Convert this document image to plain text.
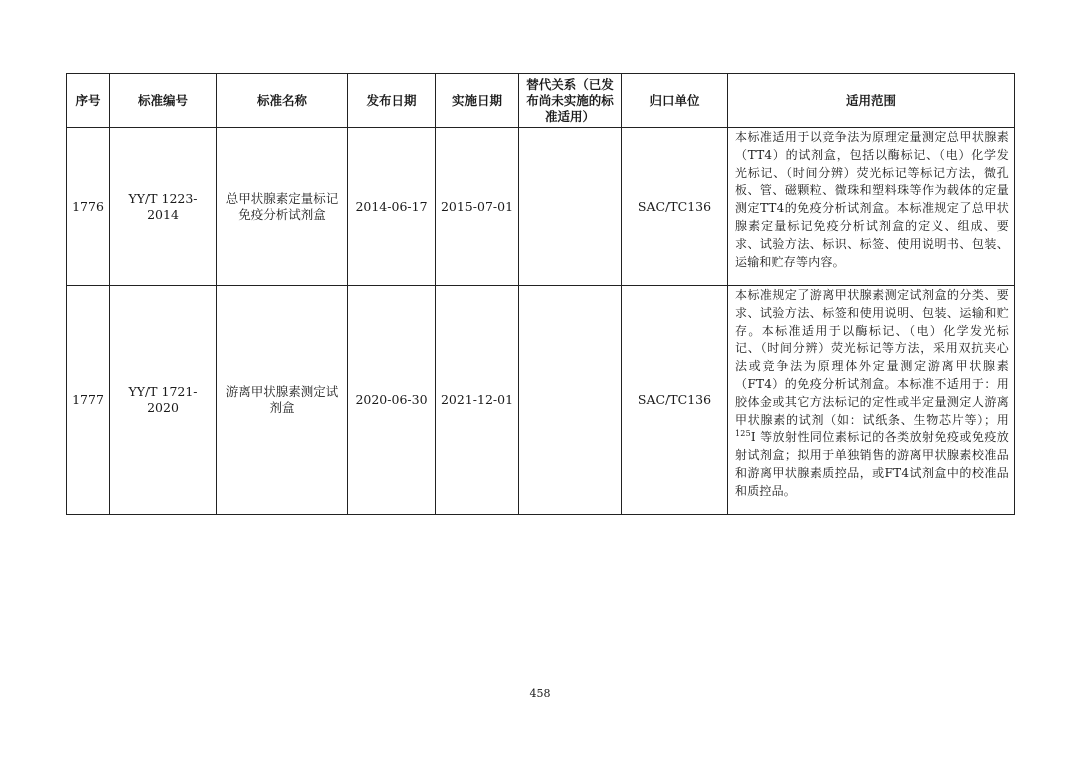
序号	标准编号	标准名称	发布日期	实施日期	替代关系（已发布尚未实施的标准适用）	归口单位	适用范围
1776	YY/T 1223-2014	总甲状腺素定量标记免疫分析试剂盒	2014-06-17	2015-07-01		SAC/TC136	本标准适用于以竞争法为原理定量测定总甲状腺素（TT4）的试剂盒，包括以酶标记、（电）化学发光标记、（时间分辨）荧光标记等标记方法，微孔板、管、磁颗粒、微珠和塑料珠等作为载体的定量测定TT4的免疫分析试剂盒。本标准规定了总甲状腺素定量标记免疫分析试剂盒的定义、组成、要求、试验方法、标识、标签、使用说明书、包装、运输和贮存等内容。
1777	YY/T 1721-2020	游离甲状腺素测定试剂盒	2020-06-30	2021-12-01		SAC/TC136	本标准规定了游离甲状腺素测定试剂盒的分类、要求、试验方法、标签和使用说明、包装、运输和贮存。本标准适用于以酶标记、（电）化学发光标记、（时间分辨）荧光标记等方法，采用双抗夹心法或竞争法为原理体外定量测定游离甲状腺素（FT4）的免疫分析试剂盒。本标准不适用于：用胶体金或其它方法标记的定性或半定量测定人游离甲状腺素的试剂（如：试纸条、生物芯片等）；用$^{125}$I 等放射性同位素标记的各类放射免疫或免疫放射试剂盒；拟用于单独销售的游离甲状腺素校准品和游离甲状腺素质控品，或FT4试剂盒中的校准品和质控品。
458
